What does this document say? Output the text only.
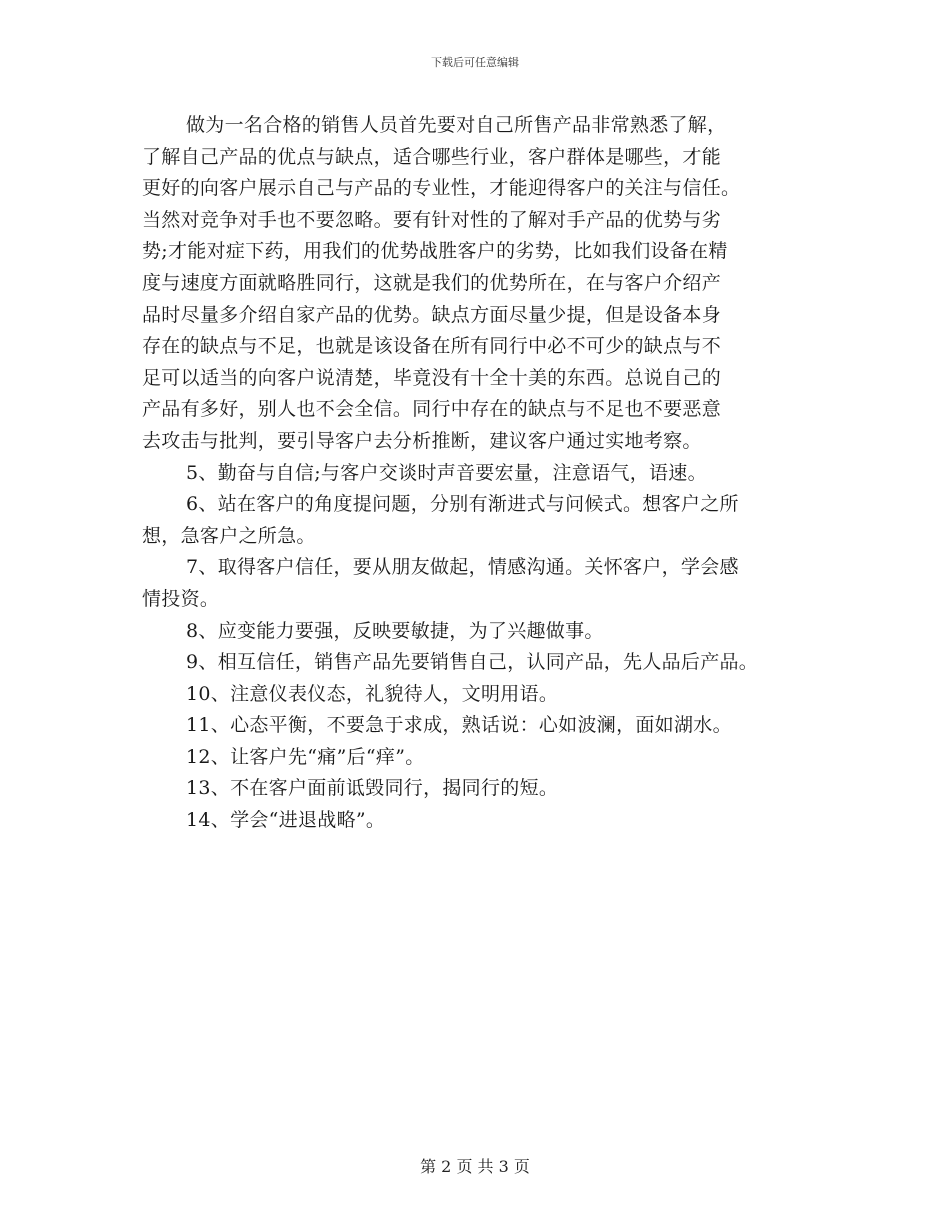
下载后可任意编辑
做为一名合格的销售人员首先要对自己所售产品非常熟悉了解，
了解自己产品的优点与缺点，适合哪些行业，客户群体是哪些，才能
更好的向客户展示自己与产品的专业性，才能迎得客户的关注与信任。
当然对竞争对手也不要忽略。要有针对性的了解对手产品的优势与劣
势;才能对症下药，用我们的优势战胜客户的劣势，比如我们设备在精
度与速度方面就略胜同行，这就是我们的优势所在，在与客户介绍产
品时尽量多介绍自家产品的优势。缺点方面尽量少提，但是设备本身
存在的缺点与不足，也就是该设备在所有同行中必不可少的缺点与不
足可以适当的向客户说清楚，毕竟没有十全十美的东西。总说自己的
产品有多好，别人也不会全信。同行中存在的缺点与不足也不要恶意
去攻击与批判，要引导客户去分析推断，建议客户通过实地考察。
5、勤奋与自信;与客户交谈时声音要宏量，注意语气，语速。
6、站在客户的角度提问题，分别有渐进式与问候式。想客户之所
想，急客户之所急。
7、取得客户信任，要从朋友做起，情感沟通。关怀客户，学会感
情投资。
8、应变能力要强，反映要敏捷，为了兴趣做事。
9、相互信任，销售产品先要销售自己，认同产品，先人品后产品。
10、注意仪表仪态，礼貌待人，文明用语。
11、心态平衡，不要急于求成，熟话说：心如波澜，面如湖水。
12、让客户先“痛”后“痒”。
13、不在客户面前诋毁同行，揭同行的短。
14、学会“进退战略”。
第 2 页 共 3 页
